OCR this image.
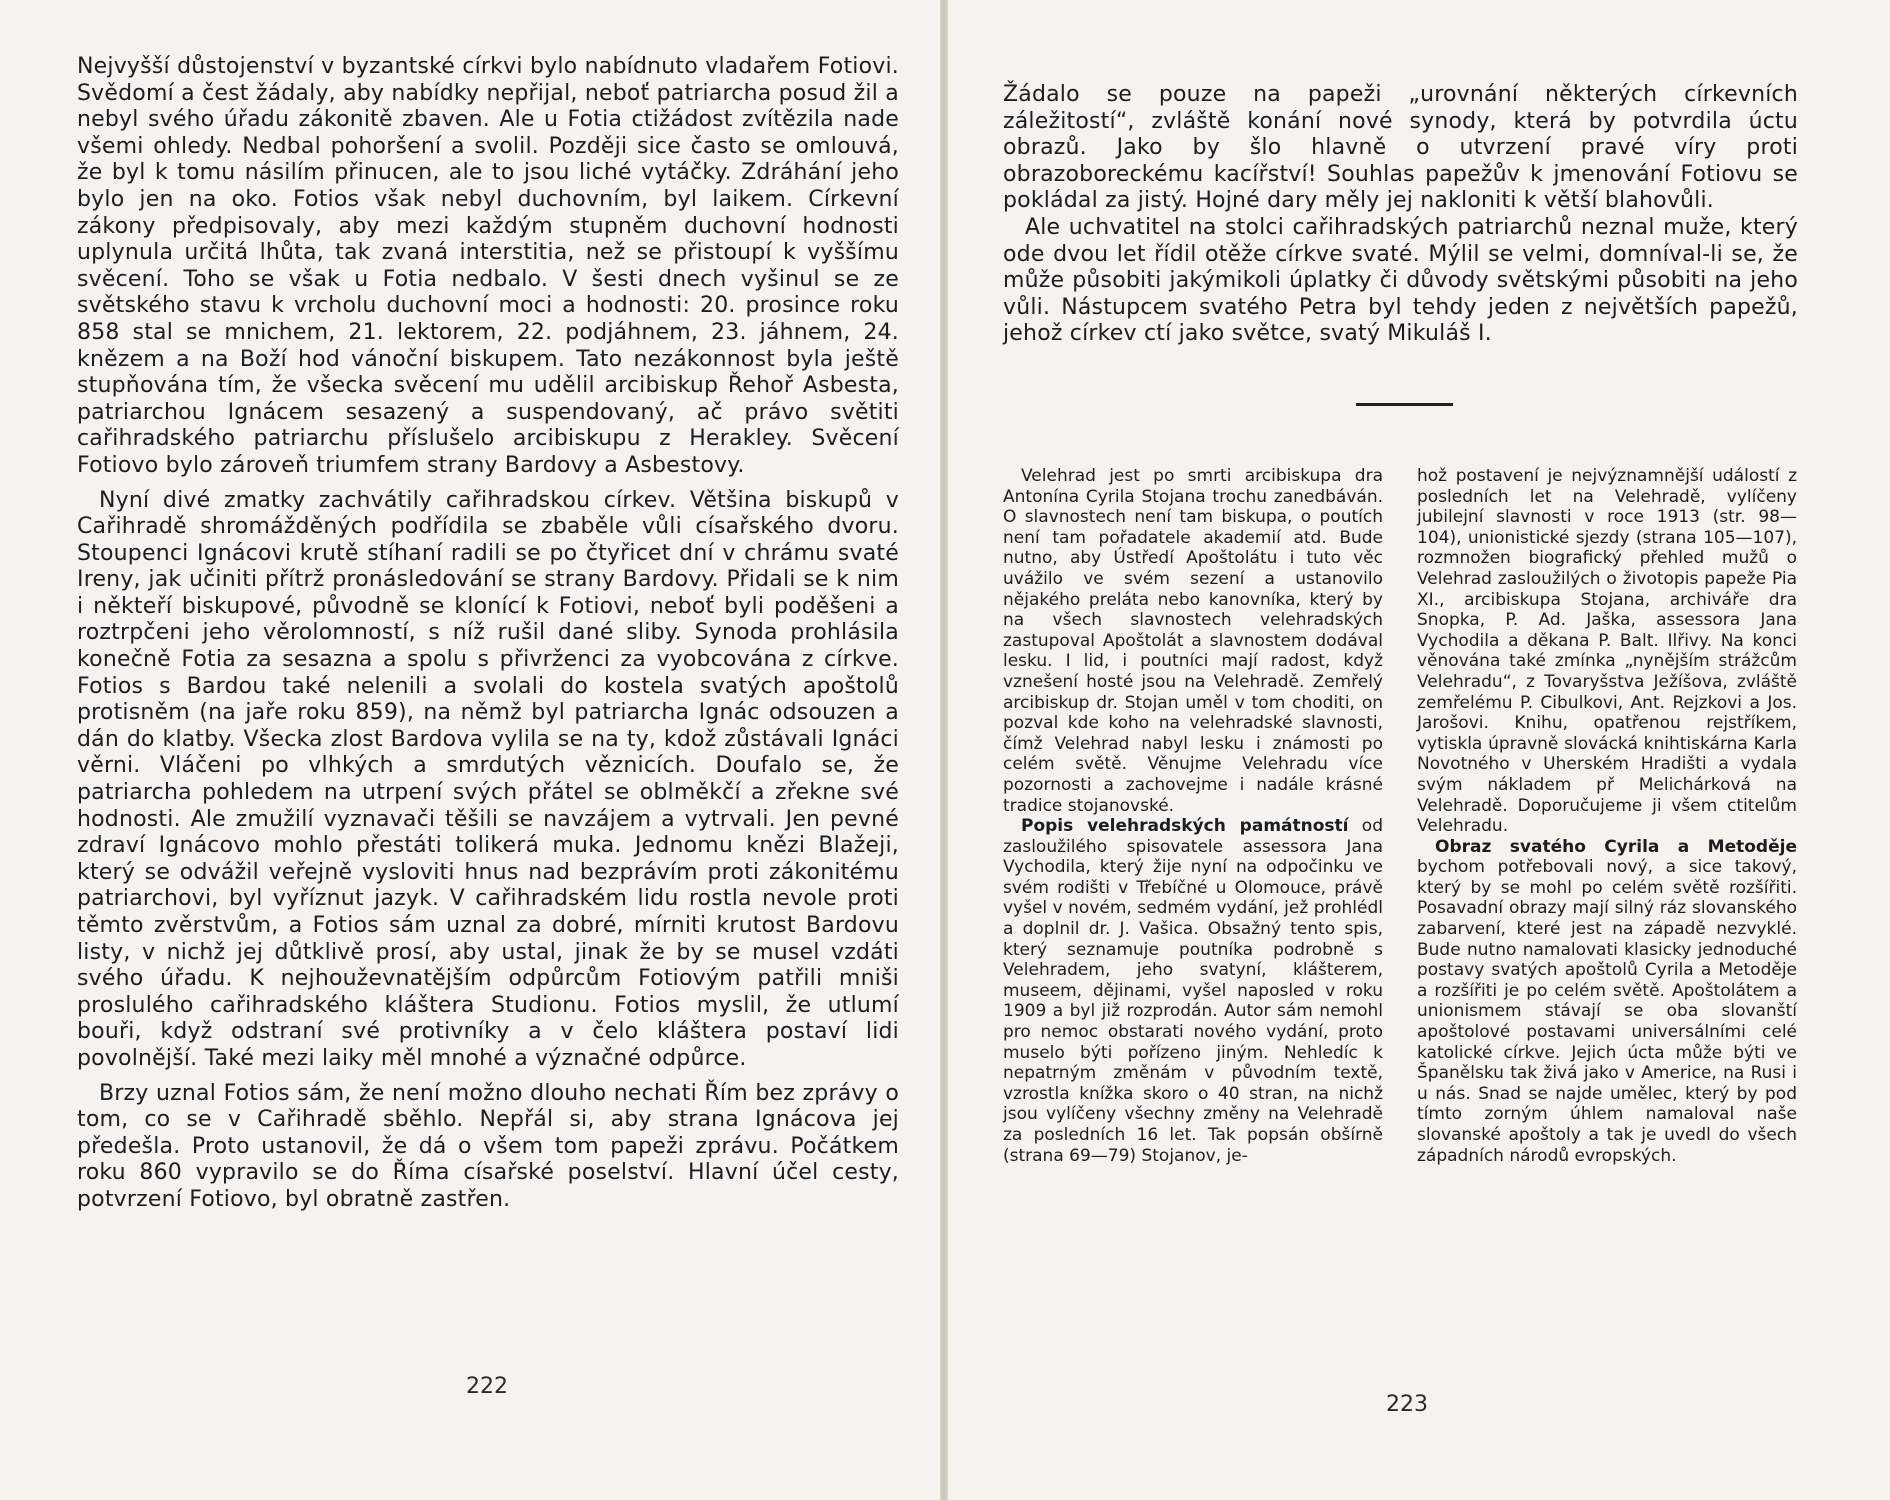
Nejvyšší důstojenství v byzantské církvi bylo nabídnuto vladařem Fotiovi. Svědomí a čest žádaly, aby nabídky nepřijal, neboť patriarcha posud žil a nebyl svého úřadu zákonitě zbaven. Ale u Fotia ctižádost zvítězila nade všemi ohledy. Nedbal pohoršení a svolil. Později sice často se omlouvá, že byl k tomu násilím přinucen, ale to jsou liché vytáčky. Zdráhání jeho bylo jen na oko. Fotios však nebyl duchovním, byl laikem. Církevní zákony předpisovaly, aby mezi každým stupněm duchovní hodnosti uplynula určitá lhůta, tak zvaná interstitia, než se přistoupí k vyššímu svěcení. Toho se však u Fotia nedbalo. V šesti dnech vyšinul se ze světského stavu k vrcholu duchovní moci a hodnosti: 20. prosince roku 858 stal se mnichem, 21. lektorem, 22. podjáhnem, 23. jáhnem, 24. knězem a na Boží hod vánoční biskupem. Tato nezákonnost byla ještě stupňována tím, že všecka svěcení mu udělil arcibiskup Řehoř Asbesta, patriarchou Ignácem sesazený a suspendovaný, ač právo světiti cařihradského patriarchu příslušelo arcibiskupu z Herakley. Svěcení Fotiovo bylo zároveň triumfem strany Bardovy a Asbestovy.

Nyní divé zmatky zachvátily cařihradskou církev. Většina biskupů v Cařihradě shromážděných podřídila se zbaběle vůli císařského dvoru. Stoupenci Ignácovi krutě stíhaní radili se po čtyřicet dní v chrámu svaté Ireny, jak učiniti přítrž pronásledování se strany Bardovy. Přidali se k nim i někteří biskupové, původně se klonící k Fotiovi, neboť byli poděšeni a roztrpčeni jeho věrolomností, s níž rušil dané sliby. Synoda prohlásila konečně Fotia za sesazna a spolu s přivrženci za vyobcována z církve. Fotios s Bardou také nelenili a svolali do kostela svatých apoštolů protisněm (na jaře roku 859), na němž byl patriarcha Ignác odsouzen a dán do klatby. Všecka zlost Bardova vylila se na ty, kdož zůstávali Ignáci věrni. Vláčeni po vlhkých a smrdutých věznicích. Doufalo se, že patriarcha pohledem na utrpení svých přátel se oblměkčí a zřekne své hodnosti. Ale zmužilí vyznavači těšili se navzájem a vytrvali. Jen pevné zdraví Ignácovo mohlo přestáti tolikerá muka. Jednomu knězi Blažeji, který se odvážil veřejně vysloviti hnus nad bezprávím proti zákonitému patriarchovi, byl vyříznut jazyk. V cařihradském lidu rostla nevole proti těmto zvěrstvům, a Fotios sám uznal za dobré, mírniti krutost Bardovu listy, v nichž jej důtklivě prosí, aby ustal, jinak že by se musel vzdáti svého úřadu. K nejhouževnatějším odpůrcům Fotiovým patřili mniši proslulého cařihradského kláštera Studionu. Fotios myslil, že utlumí bouři, když odstraní své protivníky a v čelo kláštera postaví lidi povolnější. Také mezi laiky měl mnohé a význačné odpůrce.

Brzy uznal Fotios sám, že není možno dlouho nechati Řím bez zprávy o tom, co se v Cařihradě sběhlo. Nepřál si, aby strana Ignácova jej předešla. Proto ustanovil, že dá o všem tom papeži zprávu. Počátkem roku 860 vypravilo se do Říma císařské poselství. Hlavní účel cesty, potvrzení Fotiovo, byl obratně zastřen.

222

Žádalo se pouze na papeži „urovnání některých církevních záležitostí“, zvláště konání nové synody, která by potvrdila úctu obrazů. Jako by šlo hlavně o utvrzení pravé víry proti obrazoboreckému kacířství! Souhlas papežův k jmenování Fotiovu se pokládal za jistý. Hojné dary měly jej nakloniti k větší blahovůli.

Ale uchvatitel na stolci cařihradských patriarchů neznal muže, který ode dvou let řídil otěže církve svaté. Mýlil se velmi, domníval-li se, že může působiti jakýmikoli úplatky či důvody světskými působiti na jeho vůli. Nástupcem svatého Petra byl tehdy jeden z největších papežů, jehož církev ctí jako světce, svatý Mikuláš I.

Velehrad jest po smrti arcibiskupa dra Antonína Cyrila Stojana trochu zanedbáván. O slavnostech není tam biskupa, o poutích není tam pořadatele akademií atd. Bude nutno, aby Ústředí Apoštolátu i tuto věc uvážilo ve svém sezení a ustanovilo nějakého preláta nebo kanovníka, který by na všech slavnostech velehradských zastupoval Apoštolát a slavnostem dodával lesku. I lid, i poutníci mají radost, když vznešení hosté jsou na Velehradě. Zemřelý arcibiskup dr. Stojan uměl v tom choditi, on pozval kde koho na velehradské slavnosti, čímž Velehrad nabyl lesku i známosti po celém světě. Věnujme Velehradu více pozornosti a zachovejme i nadále krásné tradice stojanovské.

Popis velehradských památností od zasloužilého spisovatele assessora Jana Vychodila, který žije nyní na odpočinku ve svém rodišti v Třebíčné u Olomouce, právě vyšel v novém, sedmém vydání, jež prohlédl a doplnil dr. J. Vašica. Obsažný tento spis, který seznamuje poutníka podrobně s Velehradem, jeho svatyní, klášterem, museem, dějinami, vyšel naposled v roku 1909 a byl již rozprodán. Autor sám nemohl pro nemoc obstarati nového vydání, proto muselo býti pořízeno jiným. Nehledíc k nepatrným změnám v původním textě, vzrostla knížka skoro o 40 stran, na nichž jsou vylíčeny všechny změny na Velehradě za posledních 16 let. Tak popsán obšírně (strana 69—79) Stojanov, je-

hož postavení je nejvýznamnější událostí z posledních let na Velehradě, vylíčeny jubilejní slavnosti v roce 1913 (str. 98—104), unionistické sjezdy (strana 105—107), rozmnožen biografický přehled mužů o Velehrad zasloužilých o životopis papeže Pia XI., arcibiskupa Stojana, archiváře dra Snopka, P. Ad. Jaška, assessora Jana Vychodila a děkana P. Balt. Ilřivy. Na konci věnována také zmínka „nynějším strážcům Velehradu“, z Tovaryšstva Ježíšova, zvláště zemřelému P. Cibulkovi, Ant. Rejzkovi a Jos. Jarošovi. Knihu, opatřenou rejstříkem, vytiskla úpravně slovácká knihtiskárna Karla Novotného v Uherském Hradišti a vydala svým nákladem př Melichárková na Velehradě. Doporučujeme ji všem ctitelům Velehradu.

Obraz svatého Cyrila a Metoděje bychom potřebovali nový, a sice takový, který by se mohl po celém světě rozšířiti. Posavadní obrazy mají silný ráz slovanského zabarvení, které jest na západě nezvyklé. Bude nutno namalovati klasicky jednoduché postavy svatých apoštolů Cyrila a Metoděje a rozšířiti je po celém světě. Apoštolátem a unionismem stávají se oba slovanští apoštolové postavami universálními celé katolické církve. Jejich úcta může býti ve Španělsku tak živá jako v Americe, na Rusi i u nás. Snad se najde umělec, který by pod tímto zorným úhlem namaloval naše slovanské apoštoly a tak je uvedl do všech západních národů evropských.

223
